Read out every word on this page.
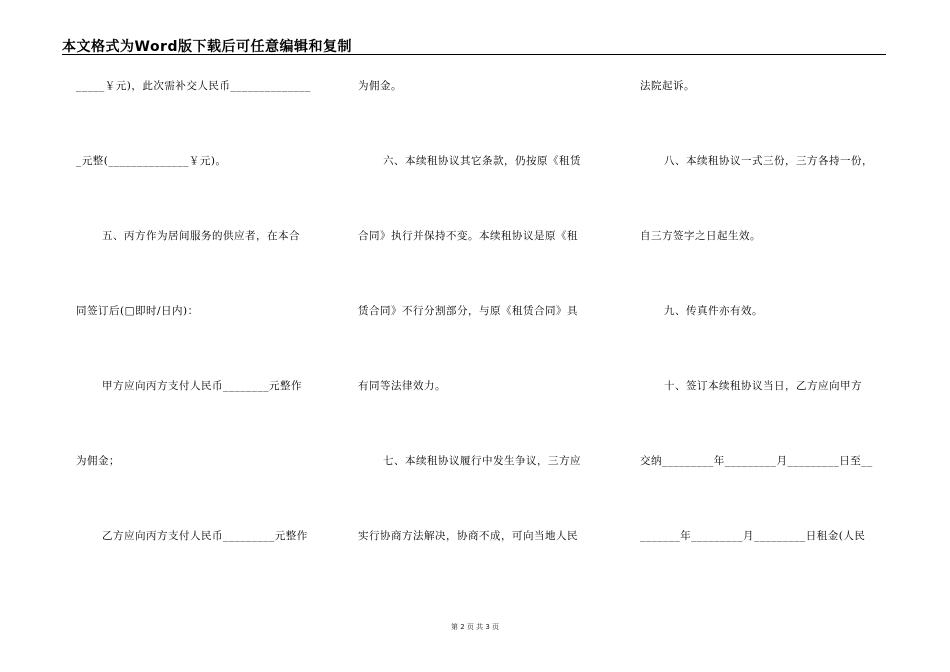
本文格式为Word版下载后可任意编辑和复制
_____￥元)，此次需补交人民币______________
_元整(______________￥元)。
五、丙方作为居间服务的供应者，在本合
同签订后(□即时/日内)：
甲方应向丙方支付人民币________元整作
为佣金；
乙方应向丙方支付人民币_________元整作
为佣金。
六、本续租协议其它条款，仍按原《租赁
合同》执行并保持不变。本续租协议是原《租
赁合同》不行分割部分，与原《租赁合同》具
有同等法律效力。
七、本续租协议履行中发生争议，三方应
实行协商方法解决，协商不成，可向当地人民
法院起诉。
八、本续租协议一式三份，三方各持一份，
自三方签字之日起生效。
九、传真件亦有效。
十、签订本续租协议当日，乙方应向甲方
交纳_________年_________月_________日至__
_______年_________月_________日租金(人民
第 2 页 共 3 页
